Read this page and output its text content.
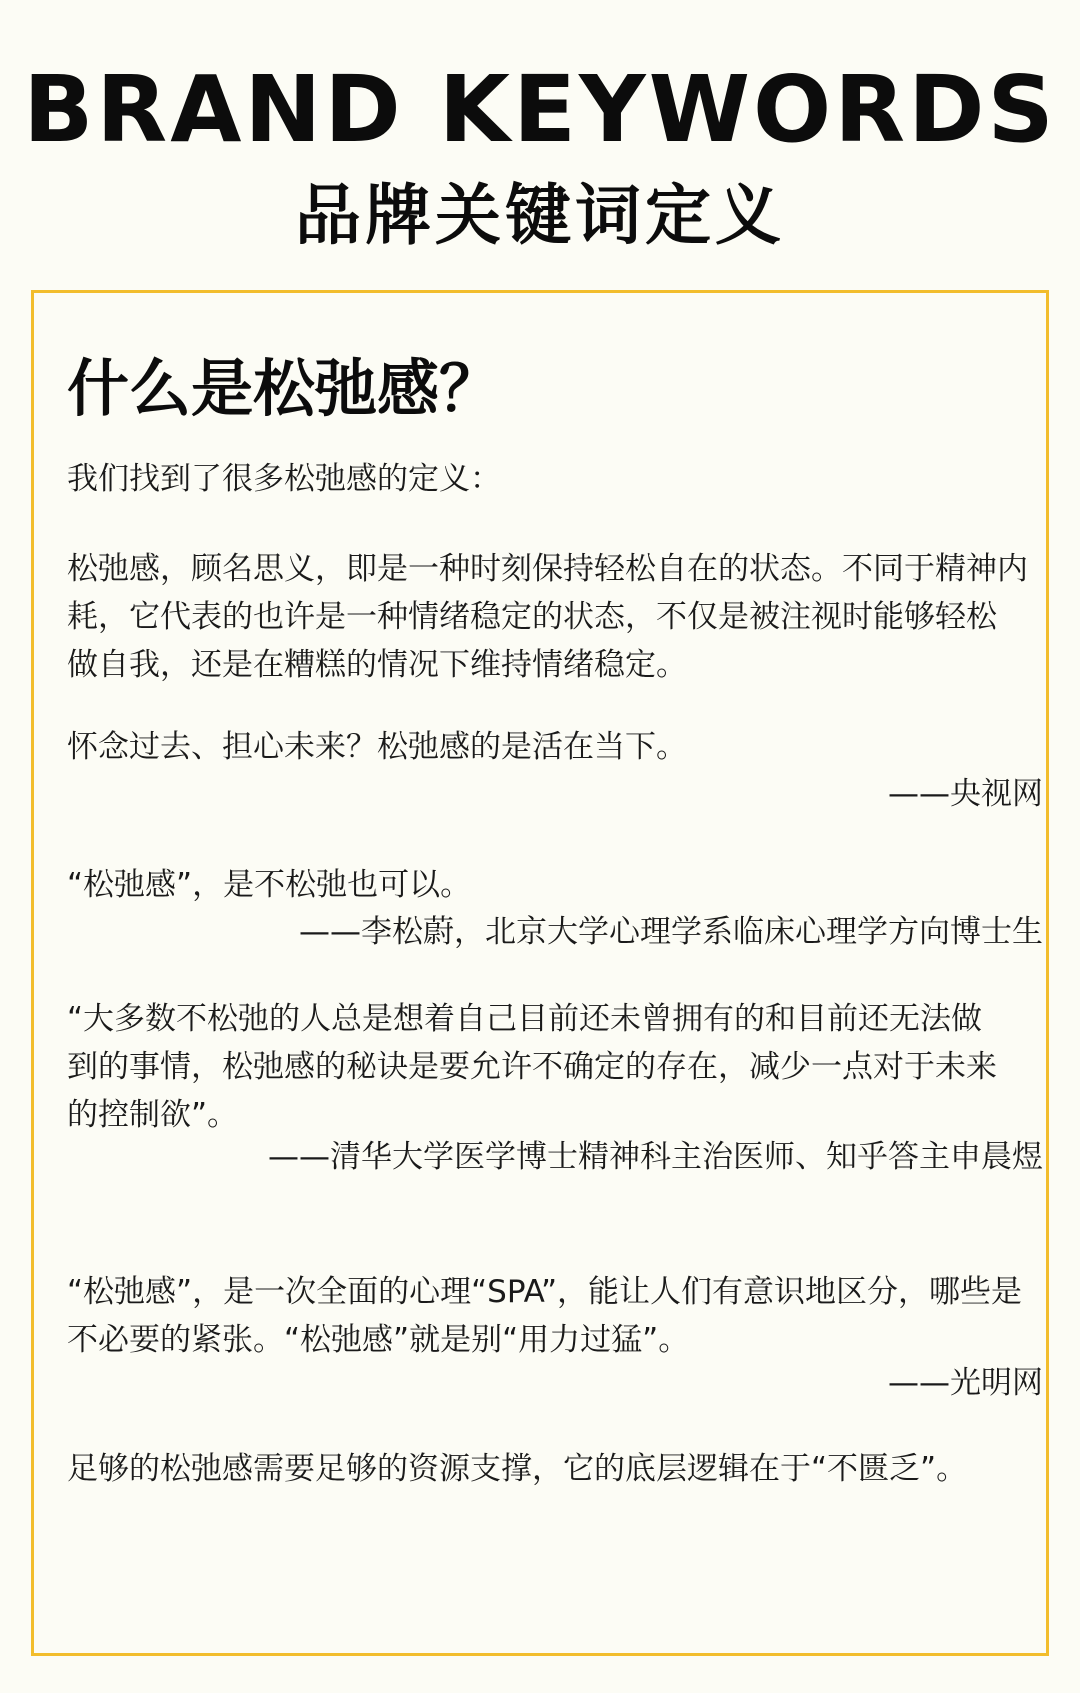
BRAND KEYWORDS
品牌关键词定义
什么是松弛感？
我们找到了很多松弛感的定义：
松弛感，顾名思义，即是一种时刻保持轻松自在的状态。不同于精神内
耗，它代表的也许是一种情绪稳定的状态，不仅是被注视时能够轻松
做自我，还是在糟糕的情况下维持情绪稳定。
怀念过去、担心未来？松弛感的是活在当下。
——央视网
“松弛感”，是不松弛也可以。
——李松蔚，北京大学心理学系临床心理学方向博士生
“大多数不松弛的人总是想着自己目前还未曾拥有的和目前还无法做
到的事情，松弛感的秘诀是要允许不确定的存在，减少一点对于未来
的控制欲”。
——清华大学医学博士精神科主治医师、知乎答主申晨煜
“松弛感”，是一次全面的心理“SPA”，能让人们有意识地区分，哪些是
不必要的紧张。“松弛感”就是别“用力过猛”。
——光明网
足够的松弛感需要足够的资源支撑，它的底层逻辑在于“不匮乏”。
